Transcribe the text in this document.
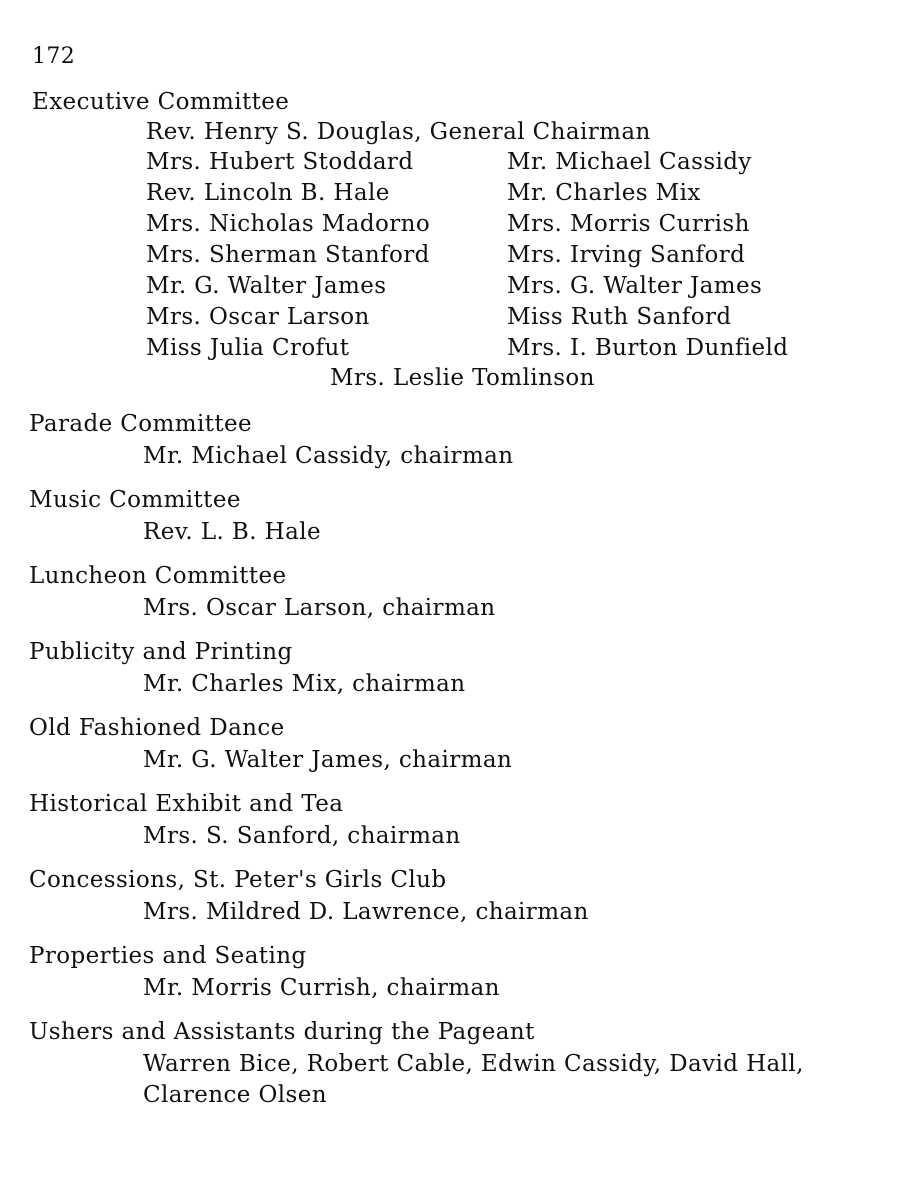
172
Executive Committee
Rev. Henry S. Douglas, General Chairman
Mrs. Hubert Stoddard	Mr. Michael Cassidy
Rev. Lincoln B. Hale	Mr. Charles Mix
Mrs. Nicholas Madorno	Mrs. Morris Currish
Mrs. Sherman Stanford	Mrs. Irving Sanford
Mr. G. Walter James	Mrs. G. Walter James
Mrs. Oscar Larson	Miss Ruth Sanford
Miss Julia Crofut	Mrs. I. Burton Dunfield
Mrs. Leslie Tomlinson
Parade Committee
Mr. Michael Cassidy, chairman
Music Committee
Rev. L. B. Hale
Luncheon Committee
Mrs. Oscar Larson, chairman
Publicity and Printing
Mr. Charles Mix, chairman
Old Fashioned Dance
Mr. G. Walter James, chairman
Historical Exhibit and Tea
Mrs. S. Sanford, chairman
Concessions, St. Peter's Girls Club
Mrs. Mildred D. Lawrence, chairman
Properties and Seating
Mr. Morris Currish, chairman
Ushers and Assistants during the Pageant
Warren Bice, Robert Cable, Edwin Cassidy, David Hall, Clarence Olsen
